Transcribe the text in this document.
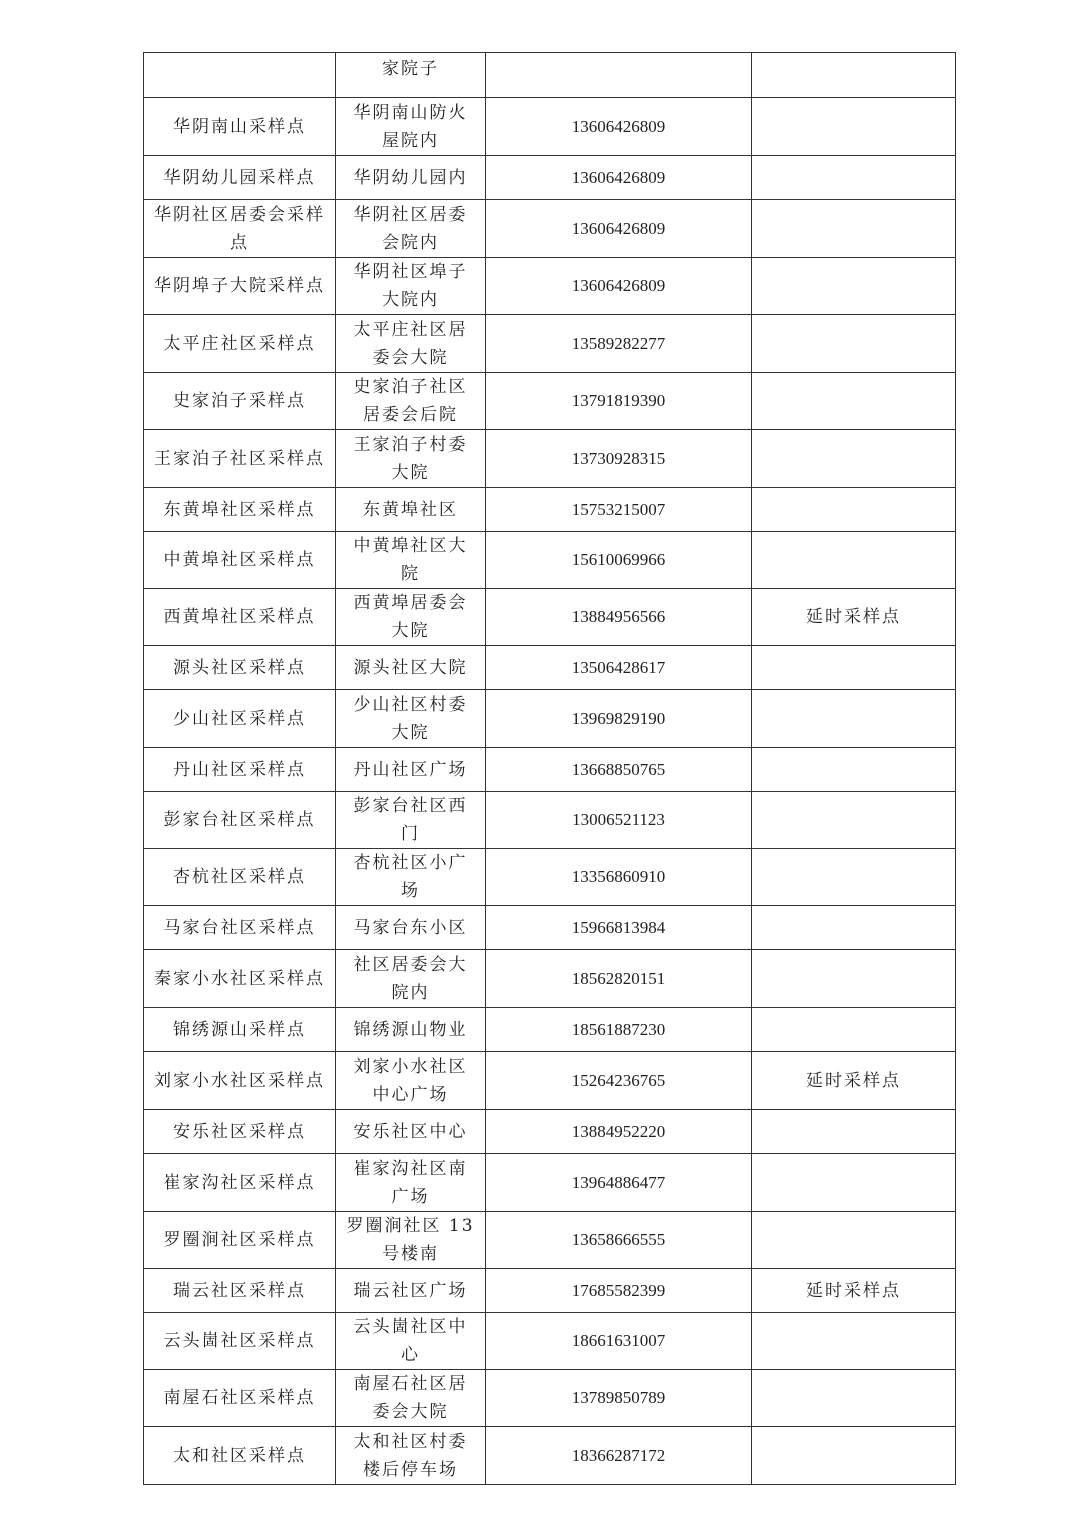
	家院子		
华阴南山采样点	华阴南山防火屋院内	13606426809	
华阴幼儿园采样点	华阴幼儿园内	13606426809	
华阴社区居委会采样点	华阴社区居委会院内	13606426809	
华阴埠子大院采样点	华阴社区埠子大院内	13606426809	
太平庄社区采样点	太平庄社区居委会大院	13589282277	
史家泊子采样点	史家泊子社区居委会后院	13791819390	
王家泊子社区采样点	王家泊子村委大院	13730928315	
东黄埠社区采样点	东黄埠社区	15753215007	
中黄埠社区采样点	中黄埠社区大院	15610069966	
西黄埠社区采样点	西黄埠居委会大院	13884956566	延时采样点
源头社区采样点	源头社区大院	13506428617	
少山社区采样点	少山社区村委大院	13969829190	
丹山社区采样点	丹山社区广场	13668850765	
彭家台社区采样点	彭家台社区西门	13006521123	
杏杭社区采样点	杏杭社区小广场	13356860910	
马家台社区采样点	马家台东小区	15966813984	
秦家小水社区采样点	社区居委会大院内	18562820151	
锦绣源山采样点	锦绣源山物业	18561887230	
刘家小水社区采样点	刘家小水社区中心广场	15264236765	延时采样点
安乐社区采样点	安乐社区中心	13884952220	
崔家沟社区采样点	崔家沟社区南广场	13964886477	
罗圈涧社区采样点	罗圈涧社区 13 号楼南	13658666555	
瑞云社区采样点	瑞云社区广场	17685582399	延时采样点
云头崮社区采样点	云头崮社区中心	18661631007	
南屋石社区采样点	南屋石社区居委会大院	13789850789	
太和社区采样点	太和社区村委楼后停车场	18366287172	
